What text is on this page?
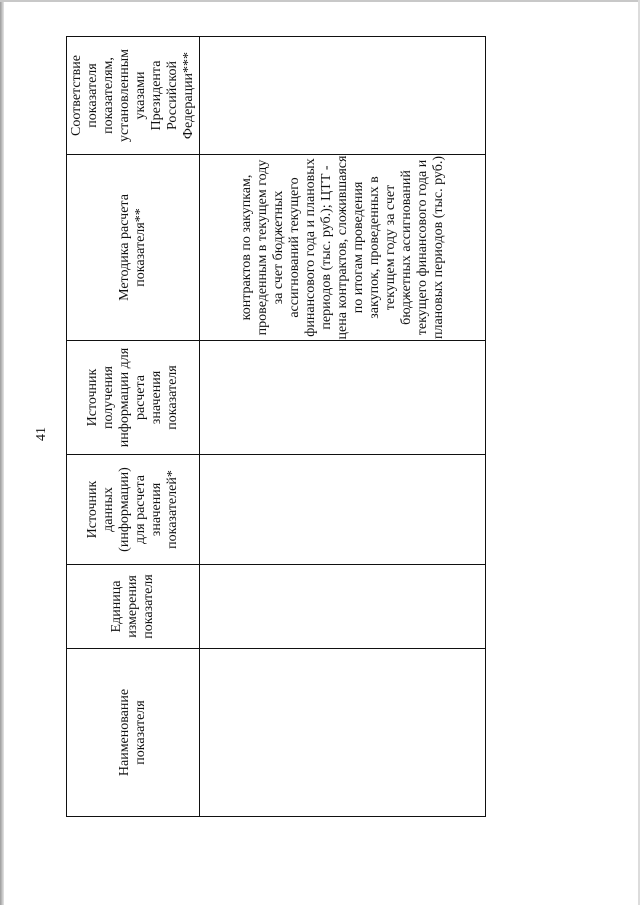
41
Наименование показателя	Единица измерения показателя	Источник данных (информации) для расчета значения показателей*	Источник получения информации для расчета значения показателя	Методика расчета показателя**	Соответствие показателя показателям, установленным указами Президента Российской Федерации***

				контрактов по закупкам, проведенным в текущем году за счет бюджетных ассигнований текущего финансового года и плановых периодов (тыс. руб.); ЦТТ - цена контрактов, сложившаяся по итогам проведения закупок, проведенных в текущем году за счет бюджетных ассигнований текущего финансового года и плановых периодов (тыс. руб.)	
